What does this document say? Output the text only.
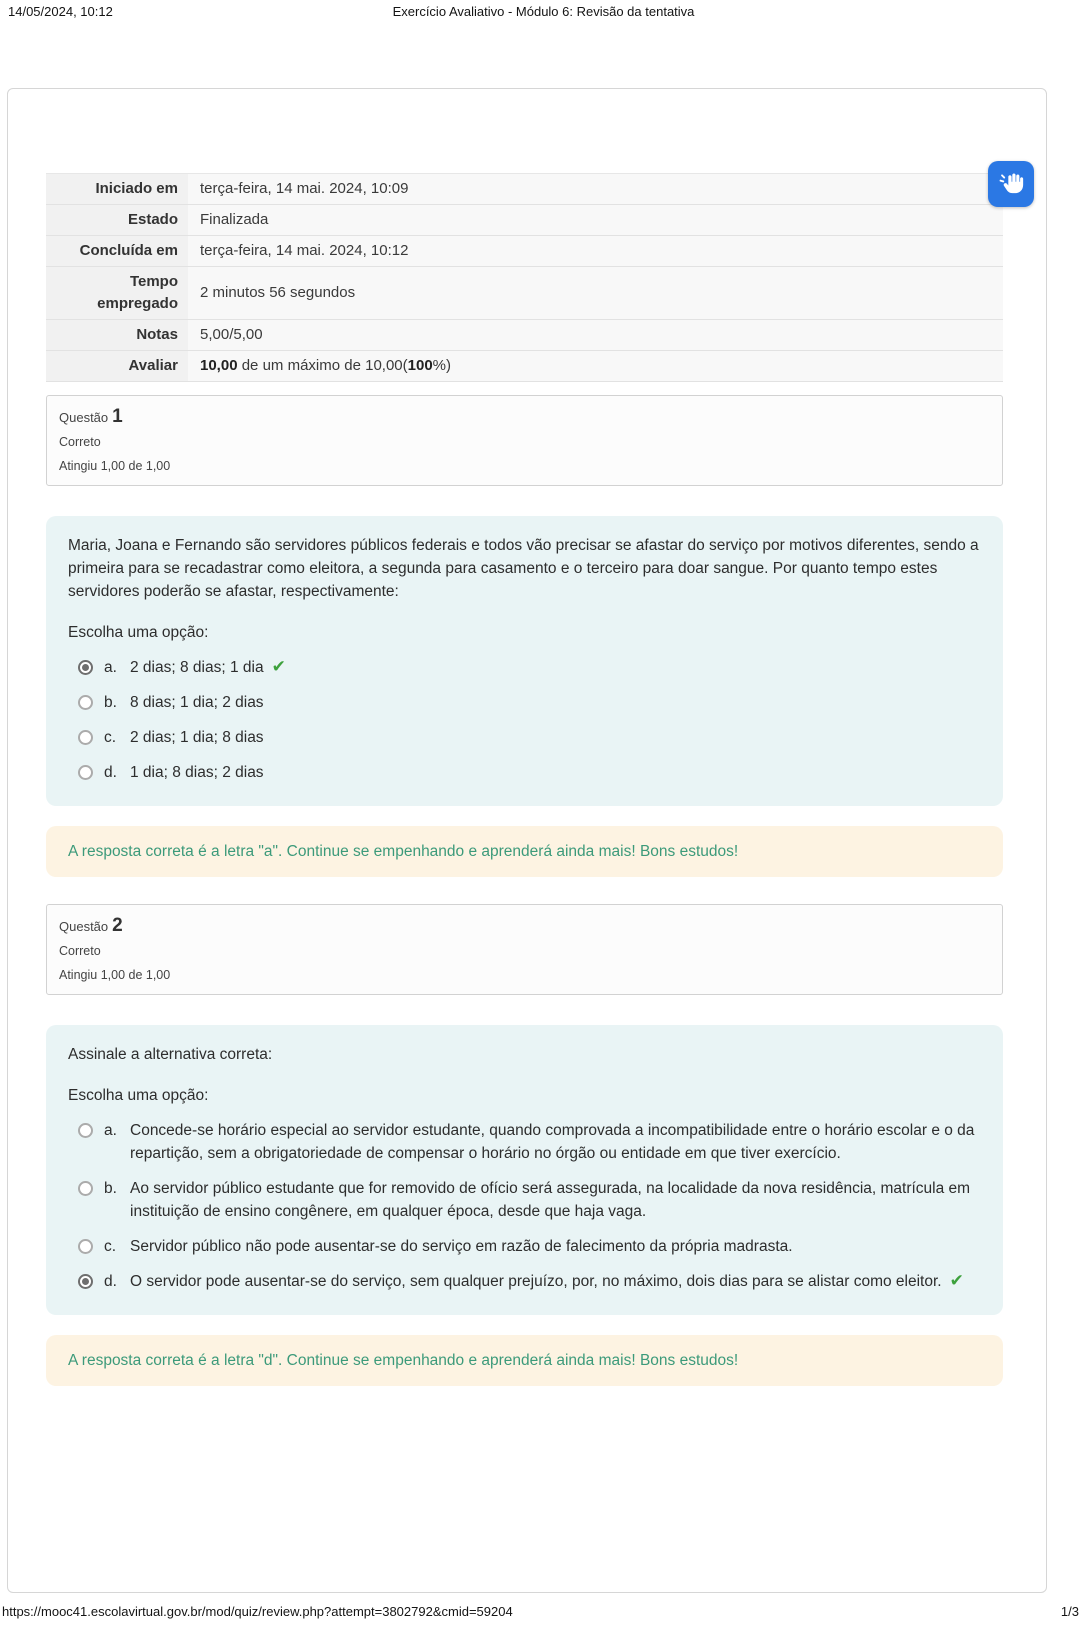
14/05/2024, 10:12	Exercício Avaliativo - Módulo 6: Revisão da tentativa
Iniciado em	terça-feira, 14 mai. 2024, 10:09
Estado	Finalizada
Concluída em	terça-feira, 14 mai. 2024, 10:12
Tempo empregado	2 minutos 56 segundos
Notas	5,00/5,00
Avaliar	10,00 de um máximo de 10,00(100%)
Questão 1
Correto
Atingiu 1,00 de 1,00

Maria, Joana e Fernando são servidores públicos federais e todos vão precisar se afastar do serviço por motivos diferentes, sendo a primeira para se recadastrar como eleitora, a segunda para casamento e o terceiro para doar sangue. Por quanto tempo estes servidores poderão se afastar, respectivamente:

Escolha uma opção:
a. 2 dias; 8 dias; 1 dia ✔
b. 8 dias; 1 dia; 2 dias
c. 2 dias; 1 dia; 8 dias
d. 1 dia; 8 dias; 2 dias
A resposta correta é a letra "a". Continue se empenhando e aprenderá ainda mais! Bons estudos!
Questão 2
Correto
Atingiu 1,00 de 1,00

Assinale a alternativa correta:

Escolha uma opção:
a. Concede-se horário especial ao servidor estudante, quando comprovada a incompatibilidade entre o horário escolar e o da repartição, sem a obrigatoriedade de compensar o horário no órgão ou entidade em que tiver exercício.
b. Ao servidor público estudante que for removido de ofício será assegurada, na localidade da nova residência, matrícula em instituição de ensino congênere, em qualquer época, desde que haja vaga.
c. Servidor público não pode ausentar-se do serviço em razão de falecimento da própria madrasta.
d. O servidor pode ausentar-se do serviço, sem qualquer prejuízo, por, no máximo, dois dias para se alistar como eleitor. ✔
A resposta correta é a letra "d". Continue se empenhando e aprenderá ainda mais! Bons estudos!
https://mooc41.escolavirtual.gov.br/mod/quiz/review.php?attempt=3802792&cmid=59204	1/3
